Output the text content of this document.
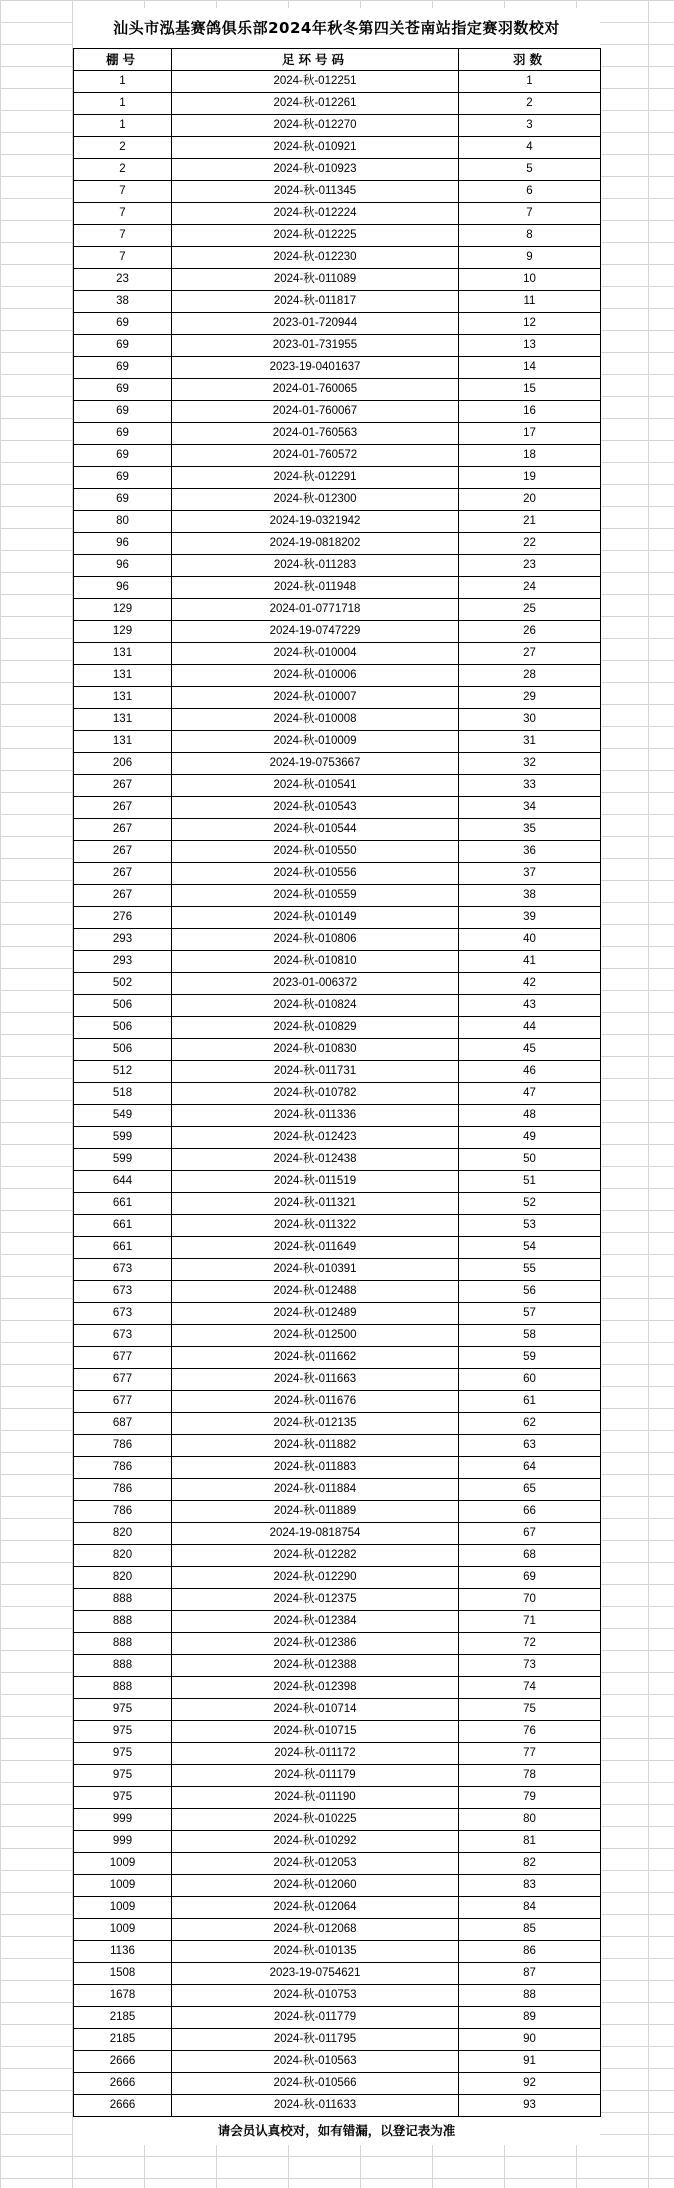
汕头市泓基赛鸽俱乐部2024年秋冬第四关苍南站指定赛羽数校对
棚号	足环号码	羽数
1	2024-秋-012251	1
1	2024-秋-012261	2
1	2024-秋-012270	3
2	2024-秋-010921	4
2	2024-秋-010923	5
7	2024-秋-011345	6
7	2024-秋-012224	7
7	2024-秋-012225	8
7	2024-秋-012230	9
23	2024-秋-011089	10
38	2024-秋-011817	11
69	2023-01-720944	12
69	2023-01-731955	13
69	2023-19-0401637	14
69	2024-01-760065	15
69	2024-01-760067	16
69	2024-01-760563	17
69	2024-01-760572	18
69	2024-秋-012291	19
69	2024-秋-012300	20
80	2024-19-0321942	21
96	2024-19-0818202	22
96	2024-秋-011283	23
96	2024-秋-011948	24
129	2024-01-0771718	25
129	2024-19-0747229	26
131	2024-秋-010004	27
131	2024-秋-010006	28
131	2024-秋-010007	29
131	2024-秋-010008	30
131	2024-秋-010009	31
206	2024-19-0753667	32
267	2024-秋-010541	33
267	2024-秋-010543	34
267	2024-秋-010544	35
267	2024-秋-010550	36
267	2024-秋-010556	37
267	2024-秋-010559	38
276	2024-秋-010149	39
293	2024-秋-010806	40
293	2024-秋-010810	41
502	2023-01-006372	42
506	2024-秋-010824	43
506	2024-秋-010829	44
506	2024-秋-010830	45
512	2024-秋-011731	46
518	2024-秋-010782	47
549	2024-秋-011336	48
599	2024-秋-012423	49
599	2024-秋-012438	50
644	2024-秋-011519	51
661	2024-秋-011321	52
661	2024-秋-011322	53
661	2024-秋-011649	54
673	2024-秋-010391	55
673	2024-秋-012488	56
673	2024-秋-012489	57
673	2024-秋-012500	58
677	2024-秋-011662	59
677	2024-秋-011663	60
677	2024-秋-011676	61
687	2024-秋-012135	62
786	2024-秋-011882	63
786	2024-秋-011883	64
786	2024-秋-011884	65
786	2024-秋-011889	66
820	2024-19-0818754	67
820	2024-秋-012282	68
820	2024-秋-012290	69
888	2024-秋-012375	70
888	2024-秋-012384	71
888	2024-秋-012386	72
888	2024-秋-012388	73
888	2024-秋-012398	74
975	2024-秋-010714	75
975	2024-秋-010715	76
975	2024-秋-011172	77
975	2024-秋-011179	78
975	2024-秋-011190	79
999	2024-秋-010225	80
999	2024-秋-010292	81
1009	2024-秋-012053	82
1009	2024-秋-012060	83
1009	2024-秋-012064	84
1009	2024-秋-012068	85
1136	2024-秋-010135	86
1508	2023-19-0754621	87
1678	2024-秋-010753	88
2185	2024-秋-011779	89
2185	2024-秋-011795	90
2666	2024-秋-010563	91
2666	2024-秋-010566	92
2666	2024-秋-011633	93
请会员认真校对，如有错漏，以登记表为准
